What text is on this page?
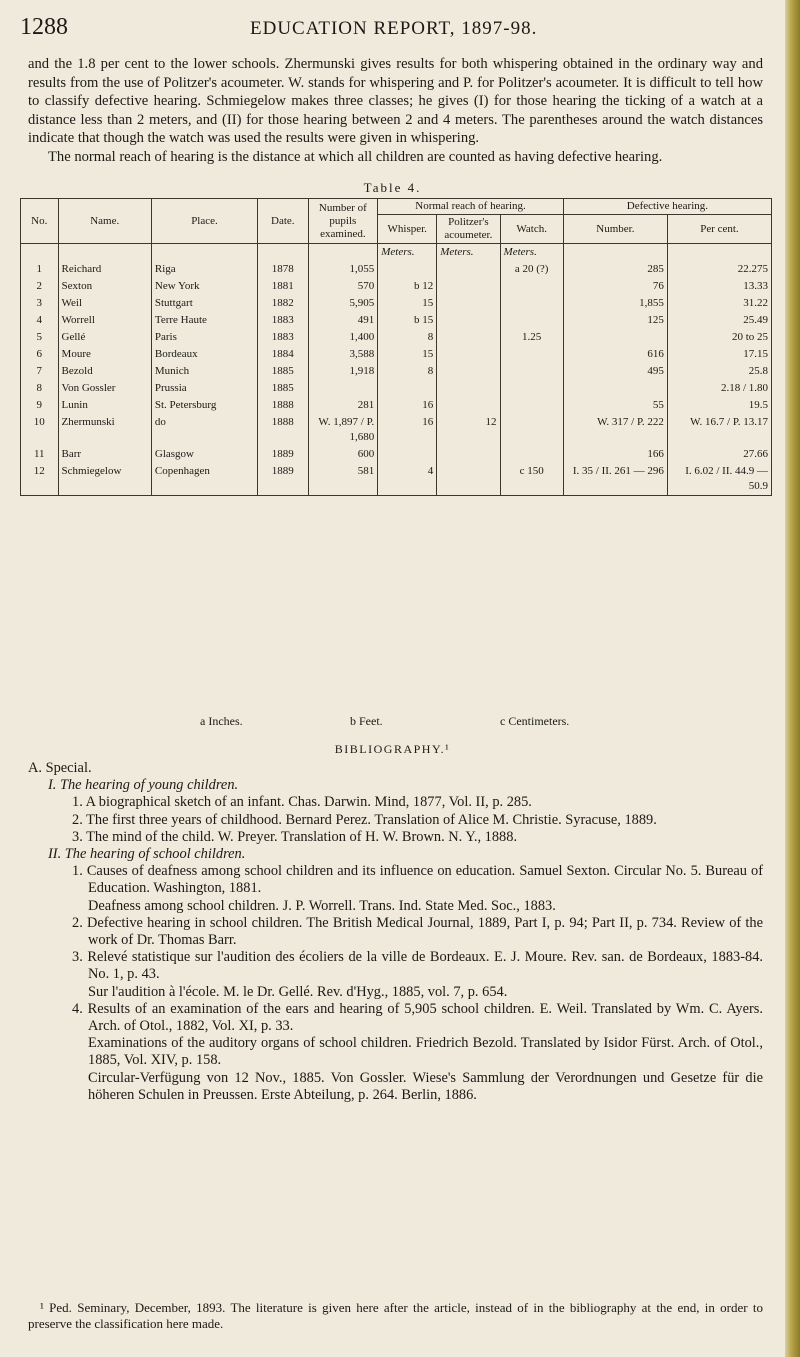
1288	EDUCATION REPORT, 1897-98.

and the 1.8 per cent to the lower schools. Zhermunski gives results for both whispering obtained in the ordinary way and results from the use of Politzer's acoumeter. W. stands for whispering and P. for Politzer's acoumeter. It is difficult to tell how to classify defective hearing. Schmiegelow makes three classes; he gives (I) for those hearing the ticking of a watch at a distance less than 2 meters, and (II) for those hearing between 2 and 4 meters. The parentheses around the watch distances indicate that though the watch was used the results were given in whispering.

The normal reach of hearing is the distance at which all children are counted as having defective hearing.

Table 4.
No.	Name.	Place.	Date.	Number of pupils examined.	Normal reach of hearing.			Defective hearing.	
					Whisper.	Politzer's acoumeter.	Watch.	Number.	Per cent.
					Meters.	Meters.	Meters.		
1	Reichard	Riga	1878	1,055			a 20 (?)	285	22.275
2	Sexton	New York	1881	570	b 12			76	13.33
3	Weil	Stuttgart	1882	5,905	15			1,855	31.22
4	Worrell	Terre Haute	1883	491	b 15			125	25.49
5	Gellé	Paris	1883	1,400	8		1.25		20 to 25
6	Moure	Bordeaux	1884	3,588	15			616	17.15
7	Bezold	Munich	1885	1,918	8			495	25.8
8	Von Gossler	Prussia	1885						2.18 / 1.80
9	Lunin	St. Petersburg	1888	281	16			55	19.5
10	Zhermunski	do	1888	W. 1,897 / P. 1,680	16	12		W. 317 / P. 222	W. 16.7 / P. 13.17
11	Barr	Glasgow	1889	600				166	27.66
12	Schmiegelow	Copenhagen	1889	581	4		c 150	I. 35 / II. 261 — 296	I. 6.02 / II. 44.9 — 50.9
a Inches.	b Feet.	c Centimeters.
BIBLIOGRAPHY.¹

A. Special.

I. The hearing of young children.

1. A biographical sketch of an infant. Chas. Darwin. Mind, 1877, Vol. II, p. 285.

2. The first three years of childhood. Bernard Perez. Translation of Alice M. Christie. Syracuse, 1889.

3. The mind of the child. W. Preyer. Translation of H. W. Brown. N. Y., 1888.

II. The hearing of school children.

1. Causes of deafness among school children and its influence on education. Samuel Sexton. Circular No. 5. Bureau of Education. Washington, 1881.

Deafness among school children. J. P. Worrell. Trans. Ind. State Med. Soc., 1883.

2. Defective hearing in school children. The British Medical Journal, 1889, Part I, p. 94; Part II, p. 734. Review of the work of Dr. Thomas Barr.

3. Relevé statistique sur l'audition des écoliers de la ville de Bordeaux. E. J. Moure. Rev. san. de Bordeaux, 1883-84. No. 1, p. 43.

Sur l'audition à l'école. M. le Dr. Gellé. Rev. d'Hyg., 1885, vol. 7, p. 654.

4. Results of an examination of the ears and hearing of 5,905 school children. E. Weil. Translated by Wm. C. Ayers. Arch. of Otol., 1882, Vol. XI, p. 33.

Examinations of the auditory organs of school children. Friedrich Bezold. Translated by Isidor Fürst. Arch. of Otol., 1885, Vol. XIV, p. 158.

Circular-Verfügung von 12 Nov., 1885. Von Gossler. Wiese's Sammlung der Verordnungen und Gesetze für die höheren Schulen in Preussen. Erste Abteilung, p. 264. Berlin, 1886.

¹ Ped. Seminary, December, 1893. The literature is given here after the article, instead of in the bibliography at the end, in order to preserve the classification here made.
